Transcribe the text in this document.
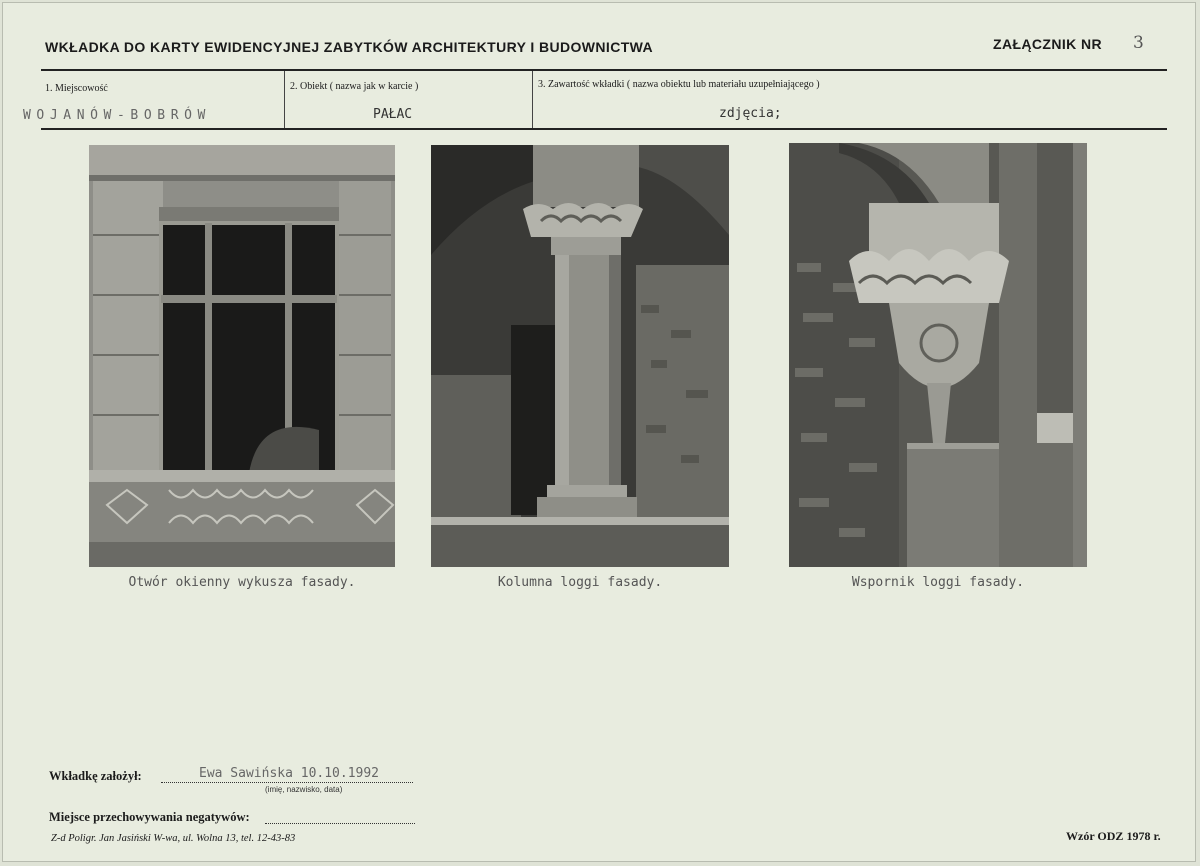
WKŁADKA DO KARTY EWIDENCYJNEJ ZABYTKÓW ARCHITEKTURY I BUDOWNICTWA	ZAŁĄCZNIK NR 3
1. Miejscowość
WOJANÓW-BOBRÓW
2. Obiekt ( nazwa jak w karcie )
PAŁAC
3. Zawartość wkładki ( nazwa obiektu lub materiału uzupełniającego )
zdjęcia;
Otwór okienny wykusza fasady.	Kolumna loggi fasady.	Wspornik loggi fasady.
Wkładkę założył:	Ewa Sawińska 10.10.1992
(imię, nazwisko, data)
Miejsce przechowywania negatywów:
Z-d Poligr. Jan Jasiński W-wa, ul. Wolna 13, tel. 12-43-83	Wzór ODZ 1978 r.
